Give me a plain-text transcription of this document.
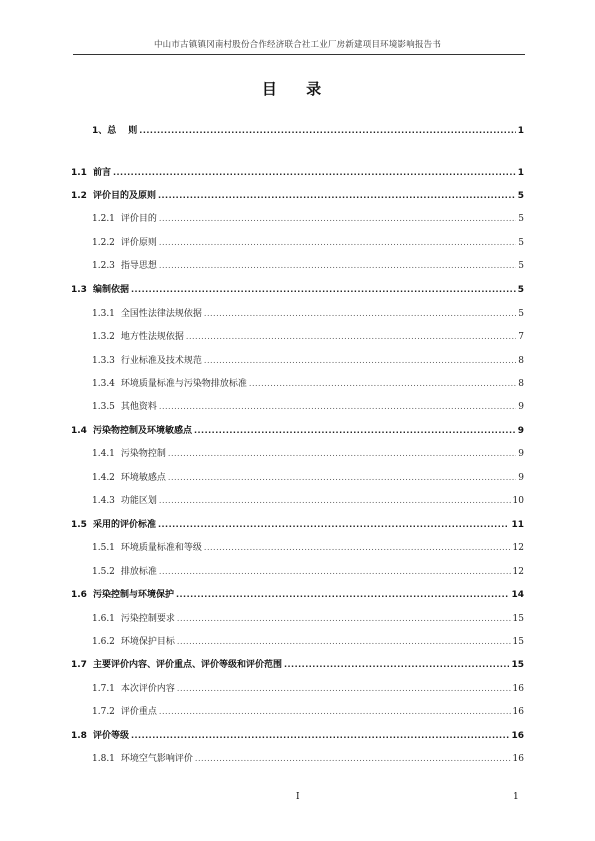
中山市古镇镇冈南村股份合作经济联合社工业厂房新建项目环境影响报告书
目 录
1、总 则 .....	1
1.1 前言 .....	1
1.2 评价目的及原则 .....	5
1.2.1 评价目的 .....	5
1.2.2 评价原则 .....	5
1.2.3 指导思想 .....	5
1.3 编制依据 .....	5
1.3.1 全国性法律法规依据 .....	5
1.3.2 地方性法规依据 .....	7
1.3.3 行业标准及技术规范 .....	8
1.3.4 环境质量标准与污染物排放标准 .....	8
1.3.5 其他资料 .....	9
1.4 污染物控制及环境敏感点 .....	9
1.4.1 污染物控制 .....	9
1.4.2 环境敏感点 .....	9
1.4.3 功能区划 .....	10
1.5 采用的评价标准 .....	11
1.5.1 环境质量标准和等级 .....	12
1.5.2 排放标准 .....	12
1.6 污染控制与环境保护 .....	14
1.6.1 污染控制要求 .....	15
1.6.2 环境保护目标 .....	15
1.7 主要评价内容、评价重点、评价等级和评价范围 .....	15
1.7.1 本次评价内容 .....	16
1.7.2 评价重点 .....	16
1.8 评价等级 .....	16
1.8.1 环境空气影响评价 .....	16
I	1
